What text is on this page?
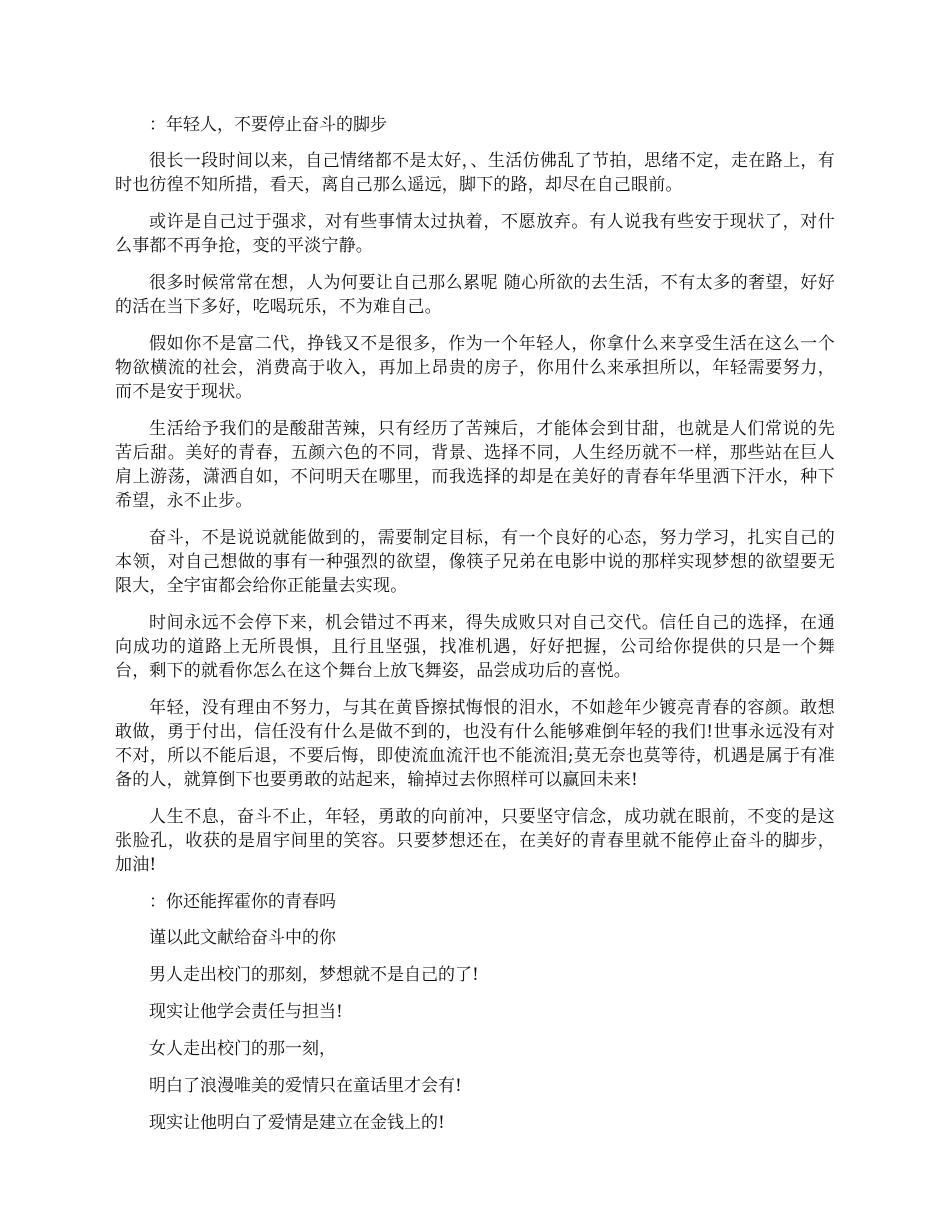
：年轻人，不要停止奋斗的脚步

很长一段时间以来，自己情绪都不是太好，、生活仿佛乱了节拍，思绪不定，走在路上，有时也彷徨不知所措，看天，离自己那么遥远，脚下的路，却尽在自己眼前。

或许是自己过于强求，对有些事情太过执着，不愿放弃。有人说我有些安于现状了，对什么事都不再争抢，变的平淡宁静。

很多时候常常在想，人为何要让自己那么累呢 随心所欲的去生活，不有太多的奢望，好好的活在当下多好，吃喝玩乐，不为难自己。

假如你不是富二代，挣钱又不是很多，作为一个年轻人，你拿什么来享受生活在这么一个物欲横流的社会，消费高于收入，再加上昂贵的房子，你用什么来承担所以，年轻需要努力，而不是安于现状。

生活给予我们的是酸甜苦辣，只有经历了苦辣后，才能体会到甘甜，也就是人们常说的先苦后甜。美好的青春，五颜六色的不同，背景、选择不同，人生经历就不一样，那些站在巨人肩上游荡，潇洒自如，不问明天在哪里，而我选择的却是在美好的青春年华里洒下汗水，种下希望，永不止步。

奋斗，不是说说就能做到的，需要制定目标，有一个良好的心态，努力学习，扎实自己的本领，对自己想做的事有一种强烈的欲望，像筷子兄弟在电影中说的那样实现梦想的欲望要无限大，全宇宙都会给你正能量去实现。

时间永远不会停下来，机会错过不再来，得失成败只对自己交代。信任自己的选择，在通向成功的道路上无所畏惧，且行且坚强，找准机遇，好好把握，公司给你提供的只是一个舞台，剩下的就看你怎么在这个舞台上放飞舞姿，品尝成功后的喜悦。

年轻，没有理由不努力，与其在黄昏擦拭悔恨的泪水，不如趁年少镀亮青春的容颜。敢想敢做，勇于付出，信任没有什么是做不到的，也没有什么能够难倒年轻的我们!世事永远没有对不对，所以不能后退，不要后悔，即使流血流汗也不能流泪;莫无奈也莫等待，机遇是属于有准备的人，就算倒下也要勇敢的站起来，输掉过去你照样可以赢回未来!

人生不息，奋斗不止，年轻，勇敢的向前冲，只要坚守信念，成功就在眼前，不变的是这张脸孔，收获的是眉宇间里的笑容。只要梦想还在，在美好的青春里就不能停止奋斗的脚步，加油!

：你还能挥霍你的青春吗

谨以此文献给奋斗中的你

男人走出校门的那刻，梦想就不是自己的了!

现实让他学会责任与担当!

女人走出校门的那一刻，

明白了浪漫唯美的爱情只在童话里才会有!

现实让他明白了爱情是建立在金钱上的!
